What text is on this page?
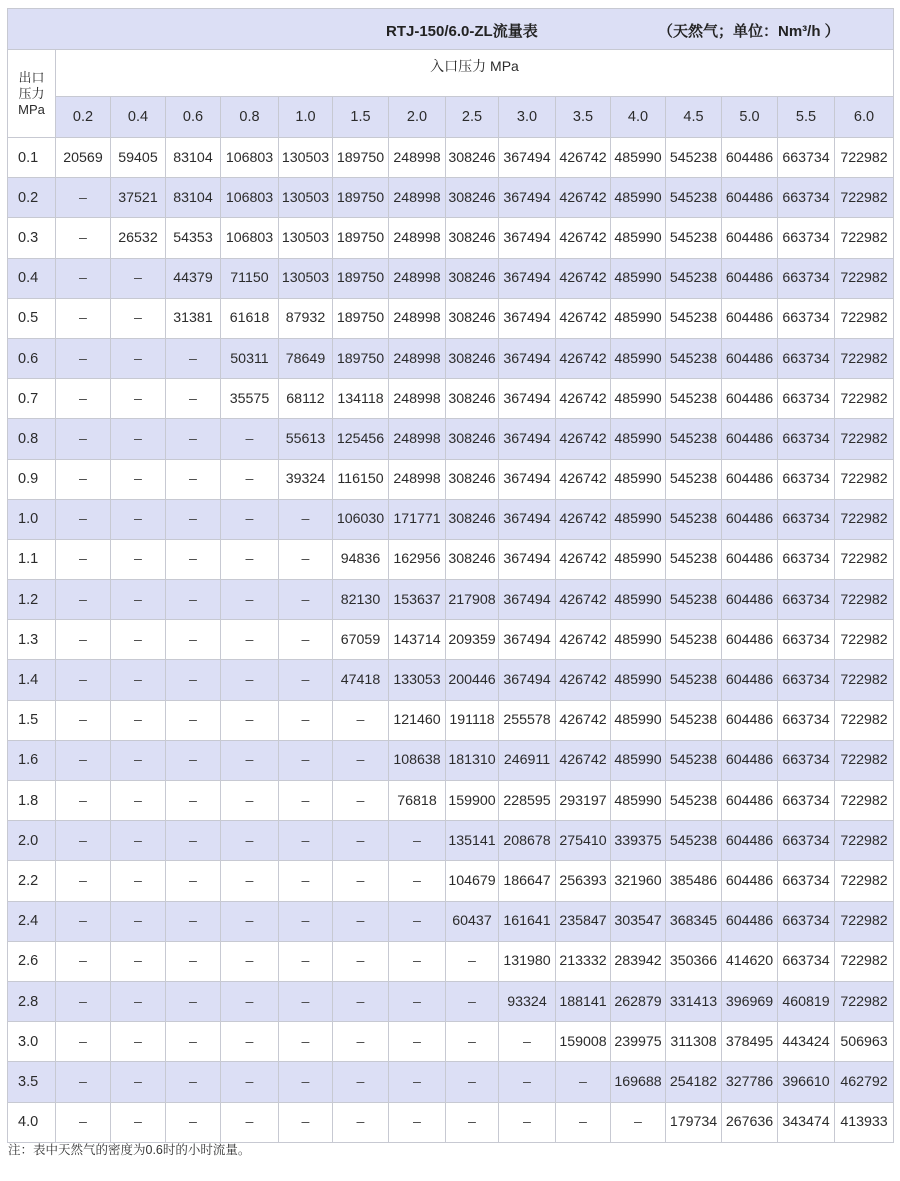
RTJ-150/6.0-ZL流量表 （天然气；单位：Nm³/h ）															

出口
压力
MPa	入口压力 MPa														
	0.2	0.4	0.6	0.8	1.0	1.5	2.0	2.5	3.0	3.5	4.0	4.5	5.0	5.5	6.0
0.1	20569	59405	83104	106803	130503	189750	248998	308246	367494	426742	485990	545238	604486	663734	722982
0.2	–	37521	83104	106803	130503	189750	248998	308246	367494	426742	485990	545238	604486	663734	722982
0.3	–	26532	54353	106803	130503	189750	248998	308246	367494	426742	485990	545238	604486	663734	722982
0.4	–	–	44379	71150	130503	189750	248998	308246	367494	426742	485990	545238	604486	663734	722982
0.5	–	–	31381	61618	87932	189750	248998	308246	367494	426742	485990	545238	604486	663734	722982
0.6	–	–	–	50311	78649	189750	248998	308246	367494	426742	485990	545238	604486	663734	722982
0.7	–	–	–	35575	68112	134118	248998	308246	367494	426742	485990	545238	604486	663734	722982
0.8	–	–	–	–	55613	125456	248998	308246	367494	426742	485990	545238	604486	663734	722982
0.9	–	–	–	–	39324	116150	248998	308246	367494	426742	485990	545238	604486	663734	722982
1.0	–	–	–	–	–	106030	171771	308246	367494	426742	485990	545238	604486	663734	722982
1.1	–	–	–	–	–	94836	162956	308246	367494	426742	485990	545238	604486	663734	722982
1.2	–	–	–	–	–	82130	153637	217908	367494	426742	485990	545238	604486	663734	722982
1.3	–	–	–	–	–	67059	143714	209359	367494	426742	485990	545238	604486	663734	722982
1.4	–	–	–	–	–	47418	133053	200446	367494	426742	485990	545238	604486	663734	722982
1.5	–	–	–	–	–	–	121460	191118	255578	426742	485990	545238	604486	663734	722982
1.6	–	–	–	–	–	–	108638	181310	246911	426742	485990	545238	604486	663734	722982
1.8	–	–	–	–	–	–	76818	159900	228595	293197	485990	545238	604486	663734	722982
2.0	–	–	–	–	–	–	–	135141	208678	275410	339375	545238	604486	663734	722982
2.2	–	–	–	–	–	–	–	104679	186647	256393	321960	385486	604486	663734	722982
2.4	–	–	–	–	–	–	–	60437	161641	235847	303547	368345	604486	663734	722982
2.6	–	–	–	–	–	–	–	–	131980	213332	283942	350366	414620	663734	722982
2.8	–	–	–	–	–	–	–	–	93324	188141	262879	331413	396969	460819	722982
3.0	–	–	–	–	–	–	–	–	–	159008	239975	311308	378495	443424	506963
3.5	–	–	–	–	–	–	–	–	–	–	169688	254182	327786	396610	462792
4.0	–	–	–	–	–	–	–	–	–	–	–	179734	267636	343474	413933
注：表中天然气的密度为0.6时的小时流量。
